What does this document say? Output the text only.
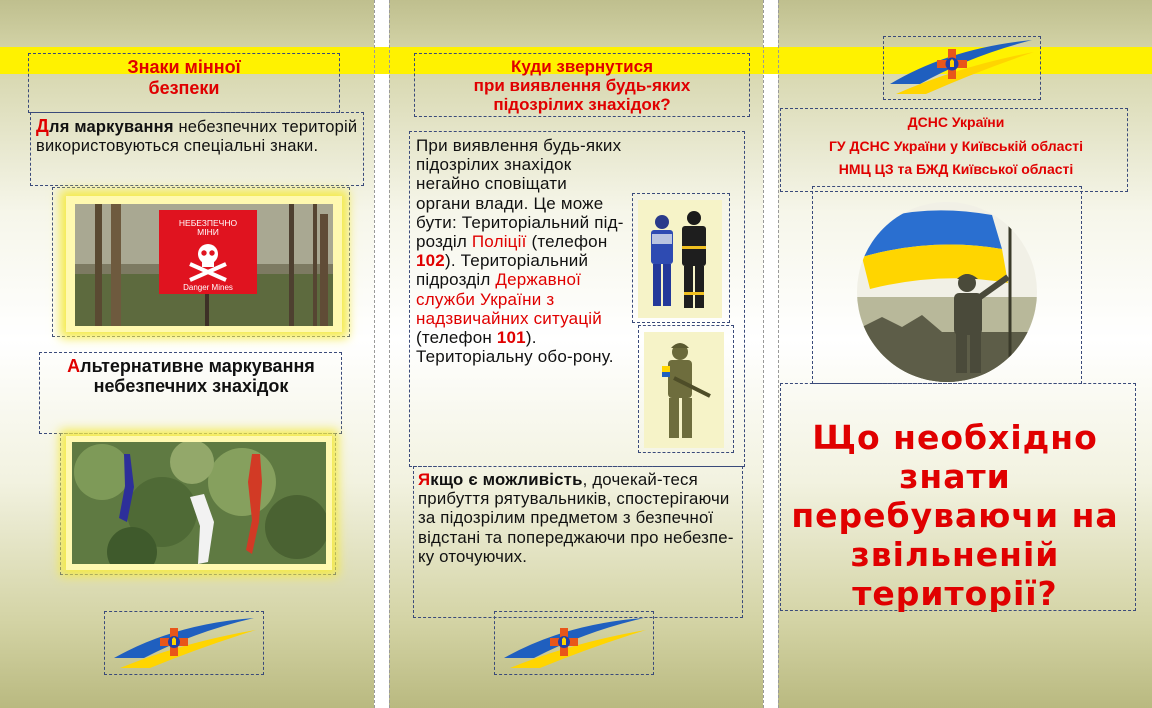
Знаки мінної
безпеки
Для маркування небезпечних територій використовуються спеціальні знаки.
НЕБЕЗПЕЧНО
МІНИ
Danger Mines
Альтернативне маркування небезпечних знахідок
Куди звернутися
при виявлення будь-яких
підозрілих знахідок?
При виявлення будь-яких підозрілих знахідок негайно сповіщати органи влади. Це може бути: Територіальний під-розділ Поліції (телефон 102). Територіальний підрозділ Державної служби України з надзвичайних ситуацій (телефон 101). Територіальну обо-рону.
Якщо є можливість, дочекай-теся прибуття рятувальників, спостерігаючи за підозрілим предметом з безпечної відстані та попереджаючи про небезпе-ку оточуючих.
ДСНС України
ГУ ДСНС України у Київській області
НМЦ ЦЗ та БЖД Київської області
Що необхідно знати перебуваючи на звільненій території?
